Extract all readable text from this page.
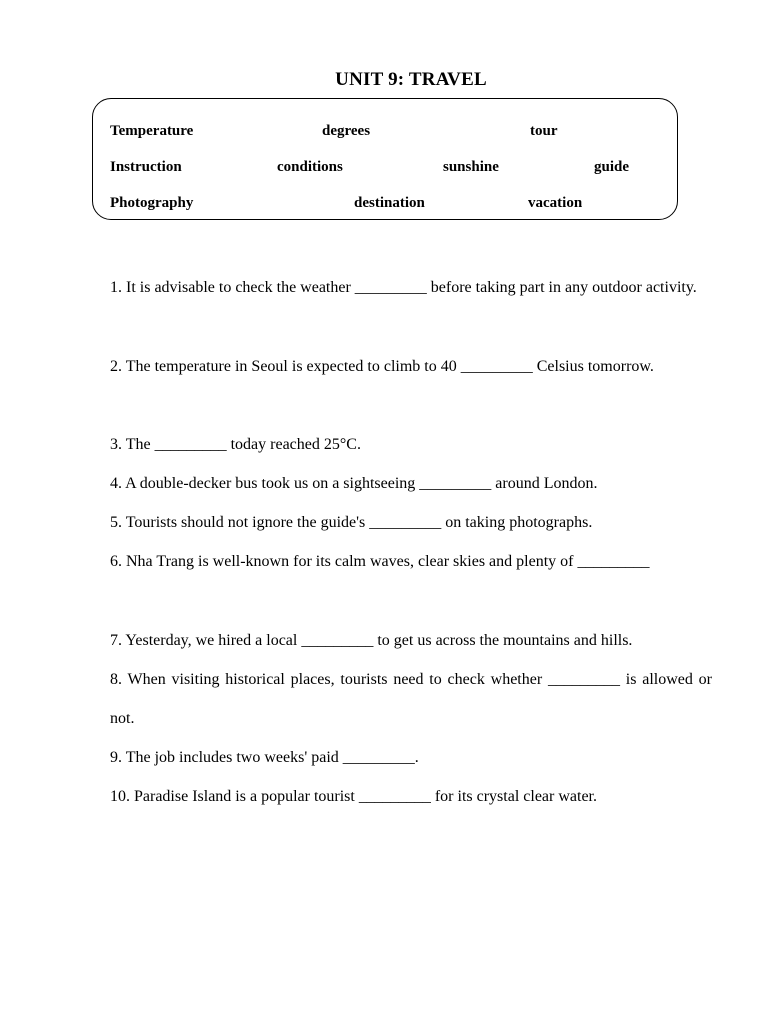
UNIT 9: TRAVEL
Temperature	degrees	tour
Instruction	conditions	sunshine	guide
Photography	destination	vacation

1. It is advisable to check the weather _________ before taking part in any outdoor activity.

2. The temperature in Seoul is expected to climb to 40 _________ Celsius tomorrow.

3. The _________ today reached 25°C.

4. A double-decker bus took us on a sightseeing _________ around London.

5. Tourists should not ignore the guide's _________ on taking photographs.

6. Nha Trang is well-known for its calm waves, clear skies and plenty of _________

7. Yesterday, we hired a local _________ to get us across the mountains and hills.

8. When visiting historical places, tourists need to check whether _________ is allowed or not.

9. The job includes two weeks' paid _________.

10. Paradise Island is a popular tourist _________ for its crystal clear water.
